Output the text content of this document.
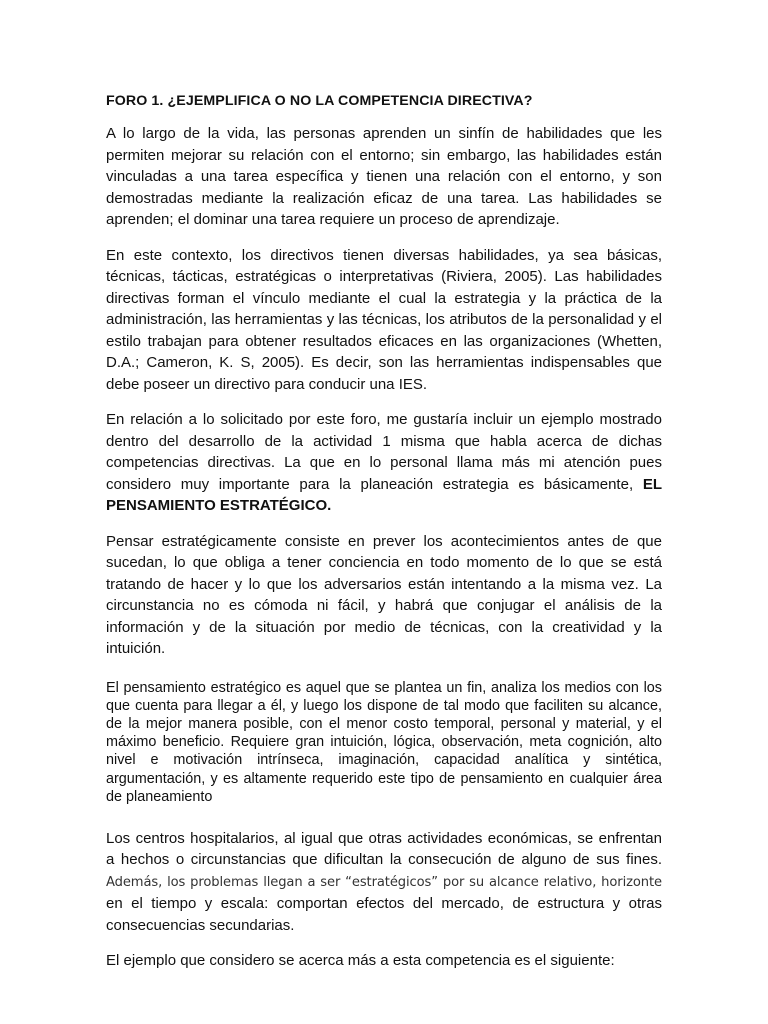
FORO 1. ¿EJEMPLIFICA O NO LA COMPETENCIA DIRECTIVA?

A lo largo de la vida, las personas aprenden un sinfín de habilidades que les permiten mejorar su relación con el entorno; sin embargo, las habilidades están vinculadas a una tarea específica y tienen una relación con el entorno, y son demostradas mediante la realización eficaz de una tarea. Las habilidades se aprenden; el dominar una tarea requiere un proceso de aprendizaje.

En este contexto, los directivos tienen diversas habilidades, ya sea básicas, técnicas, tácticas, estratégicas o interpretativas (Riviera, 2005). Las habilidades directivas forman el vínculo mediante el cual la estrategia y la práctica de la administración, las herramientas y las técnicas, los atributos de la personalidad y el estilo trabajan para obtener resultados eficaces en las organizaciones (Whetten, D.A.; Cameron, K. S, 2005). Es decir, son las herramientas indispensables que debe poseer un directivo para conducir una IES.

En relación a lo solicitado por este foro, me gustaría incluir un ejemplo mostrado dentro del desarrollo de la actividad 1 misma que habla acerca de dichas competencias directivas. La que en lo personal llama más mi atención pues considero muy importante para la planeación estrategia es básicamente, EL PENSAMIENTO ESTRATÉGICO.

Pensar estratégicamente consiste en prever los acontecimientos antes de que sucedan, lo que obliga a tener conciencia en todo momento de lo que se está tratando de hacer y lo que los adversarios están intentando a la misma vez. La circunstancia no es cómoda ni fácil, y habrá que conjugar el análisis de la información y de la situación por medio de técnicas, con la creatividad y la intuición.

El pensamiento estratégico es aquel que se plantea un fin, analiza los medios con los que cuenta para llegar a él, y luego los dispone de tal modo que faciliten su alcance, de la mejor manera posible, con el menor costo temporal, personal y material, y el máximo beneficio. Requiere gran intuición, lógica, observación, meta cognición, alto nivel e motivación intrínseca, imaginación, capacidad analítica y sintética, argumentación, y es altamente requerido este tipo de pensamiento en cualquier área de planeamiento

Los centros hospitalarios, al igual que otras actividades económicas, se enfrentan a hechos o circunstancias que dificultan la consecución de alguno de sus fines. Además, los problemas llegan a ser “estratégicos” por su alcance relativo, horizonte en el tiempo y escala: comportan efectos del mercado, de estructura y otras consecuencias secundarias.

El ejemplo que considero se acerca más a esta competencia es el siguiente:
